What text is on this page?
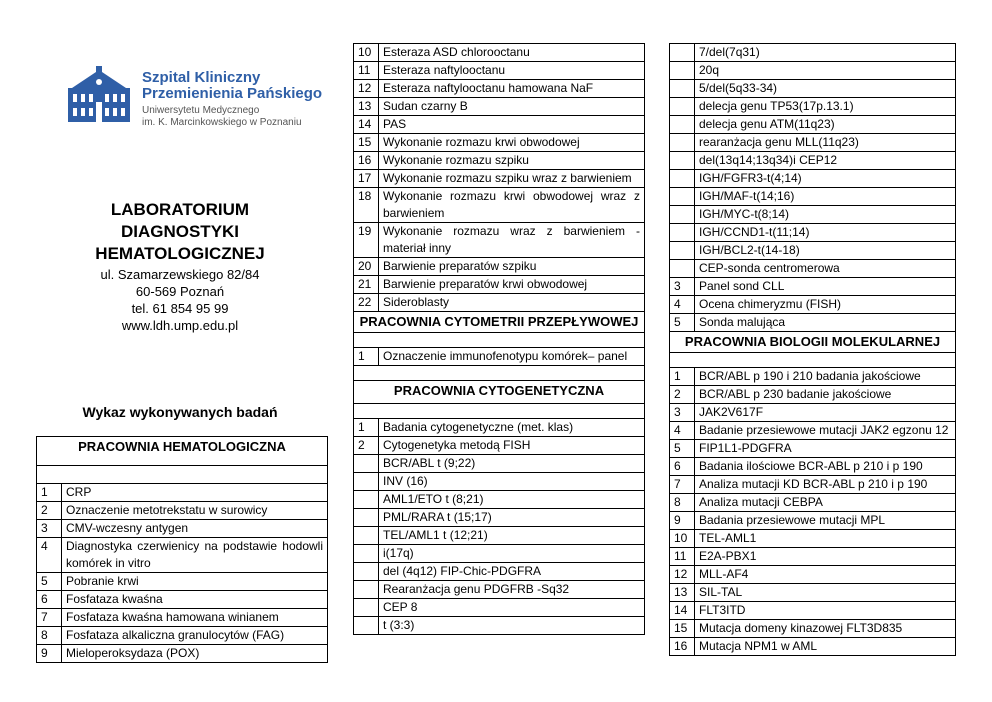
Szpital Kliniczny
Przemienienia Pańskiego
Uniwersytetu Medycznego
im. K. Marcinkowskiego w Poznaniu
LABORATORIUM
DIAGNOSTYKI HEMATOLOGICZNEJ
ul. Szamarzewskiego 82/84
60-569 Poznań
tel. 61 854 95 99
www.ldh.ump.edu.pl
Wykaz wykonywanych badań
PRACOWNIA HEMATOLOGICZNA	

1	CRP
2	Oznaczenie metotrekstatu w surowicy
3	CMV-wczesny antygen
4	Diagnostyka czerwienicy na podstawie hodowli komórek in vitro
5	Pobranie krwi
6	Fosfataza kwaśna
7	Fosfataza kwaśna hamowana winianem
8	Fosfataza alkaliczna granulocytów (FAG)
9	Mieloperoksydaza (POX)
10	Esteraza ASD chlorooctanu
11	Esteraza naftylooctanu
12	Esteraza naftylooctanu hamowana NaF
13	Sudan czarny B
14	PAS
15	Wykonanie rozmazu krwi obwodowej
16	Wykonanie rozmazu szpiku
17	Wykonanie rozmazu szpiku wraz z barwieniem
18	Wykonanie rozmazu krwi obwodowej wraz z barwieniem
19	Wykonanie rozmazu wraz z barwieniem - materiał inny
20	Barwienie preparatów szpiku
21	Barwienie preparatów krwi obwodowej
22	Sideroblasty
PRACOWNIA CYTOMETRII PRZEPŁYWOWEJ	

1	Oznaczenie immunofenotypu komórek– panel

PRACOWNIA CYTOGENETYCZNA	

1	Badania cytogenetyczne (met. klas)
2	Cytogenetyka metodą FISH
	BCR/ABL t (9;22)
	INV (16)
	AML1/ETO t (8;21)
	PML/RARA t (15;17)
	TEL/AML1 t (12;21)
	i(17q)
	del (4q12) FIP-Chic-PDGFRA
	Rearanżacja genu PDGFRB -Sq32
	CEP 8
	t (3:3)
	7/del(7q31)
	20q
	5/del(5q33-34)
	delecja genu TP53(17p.13.1)
	delecja genu ATM(11q23)
	rearanżacja genu MLL(11q23)
	del(13q14;13q34)i CEP12
	IGH/FGFR3-t(4;14)
	IGH/MAF-t(14;16)
	IGH/MYC-t(8;14)
	IGH/CCND1-t(11;14)
	IGH/BCL2-t(14-18)
	CEP-sonda centromerowa
3	Panel sond CLL
4	Ocena chimeryzmu (FISH)
5	Sonda malująca
PRACOWNIA BIOLOGII MOLEKULARNEJ	

1	BCR/ABL p 190 i 210 badania jakościowe
2	BCR/ABL p 230 badanie jakościowe
3	JAK2V617F
4	Badanie przesiewowe mutacji JAK2 egzonu 12
5	FIP1L1-PDGFRA
6	Badania ilościowe BCR-ABL p 210 i p 190
7	Analiza mutacji KD BCR-ABL p 210 i p 190
8	Analiza mutacji CEBPA
9	Badania przesiewowe mutacji MPL
10	TEL-AML1
11	E2A-PBX1
12	MLL-AF4
13	SIL-TAL
14	FLT3ITD
15	Mutacja domeny kinazowej FLT3D835
16	Mutacja NPM1 w AML
